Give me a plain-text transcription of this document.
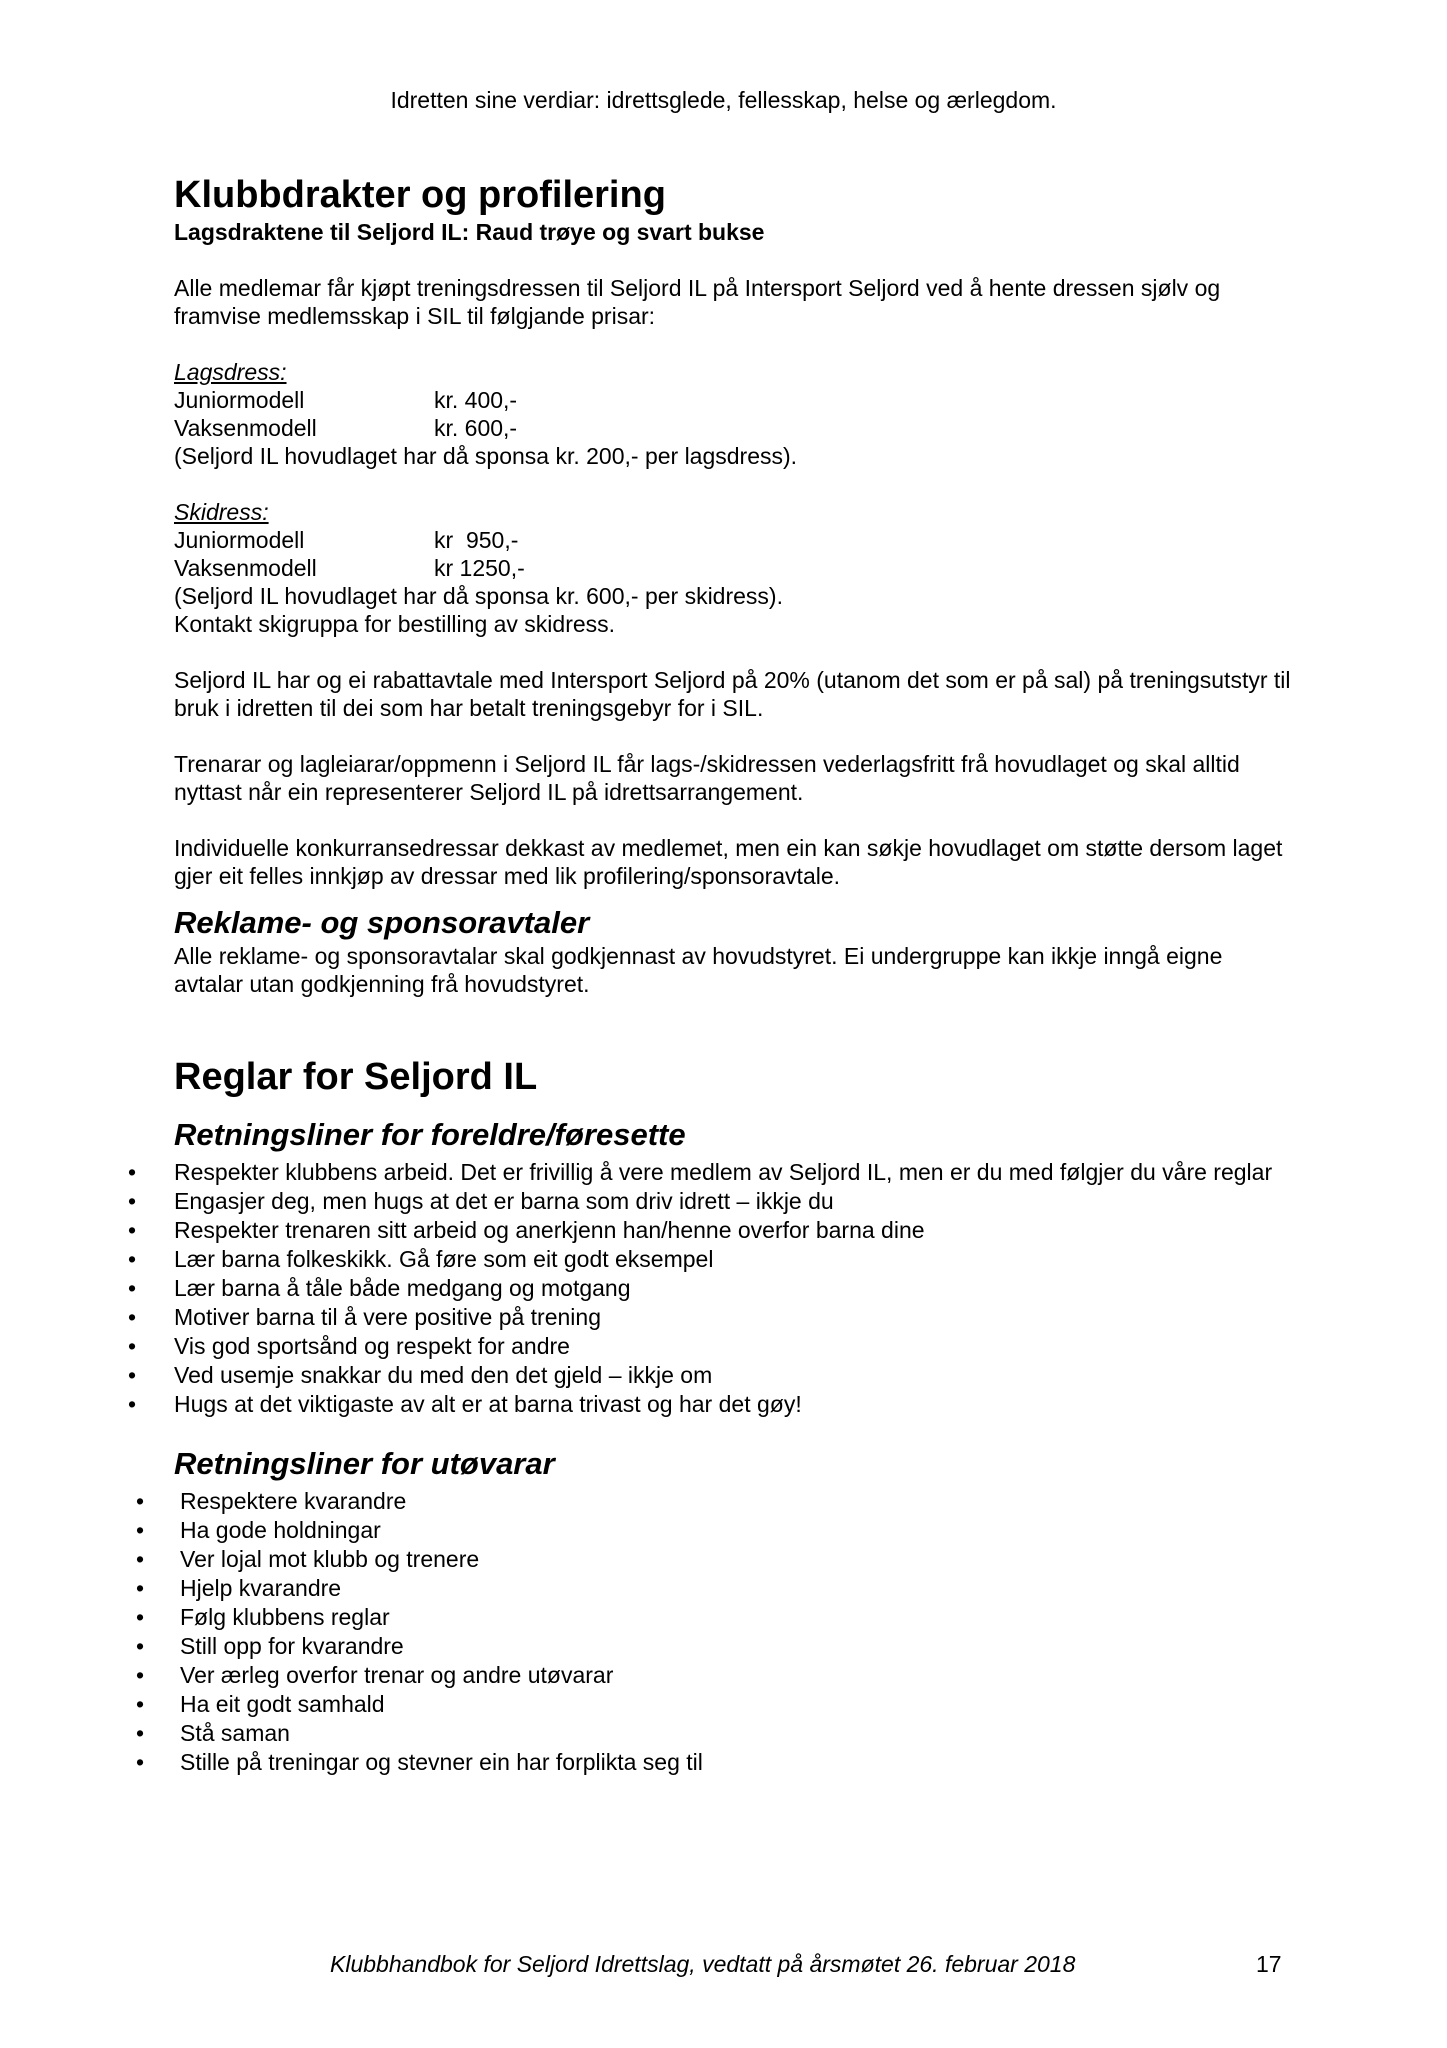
Idretten sine verdiar: idrettsglede, fellesskap, helse og ærlegdom.
Klubbdrakter og profilering
Lagsdraktene til Seljord IL: Raud trøye og svart bukse

Alle medlemar får kjøpt treningsdressen til Seljord IL på Intersport Seljord ved å hente dressen sjølv og framvise medlemsskap i SIL til følgjande prisar:

Lagsdress:
Juniormodell	kr. 400,-
Vaksenmodell	kr. 600,-
(Seljord IL hovudlaget har då sponsa kr. 200,- per lagsdress).
Skidress:
Juniormodell	kr  950,-
Vaksenmodell	kr 1250,-
(Seljord IL hovudlaget har då sponsa kr. 600,- per skidress).
Kontakt skigruppa for bestilling av skidress.

Seljord IL har og ei rabattavtale med Intersport Seljord på 20% (utanom det som er på sal) på treningsutstyr til bruk i idretten til dei som har betalt treningsgebyr for i SIL.

Trenarar og lagleiarar/oppmenn i Seljord IL får lags-/skidressen vederlagsfritt frå hovudlaget og skal alltid nyttast når ein representerer Seljord IL på idrettsarrangement.

Individuelle konkurransedressar dekkast av medlemet, men ein kan søkje hovudlaget om støtte dersom laget gjer eit felles innkjøp av dressar med lik profilering/sponsoravtale.

Reklame- og sponsoravtaler

Alle reklame- og sponsoravtalar skal godkjennast av hovudstyret. Ei undergruppe kan ikkje inngå eigne avtalar utan godkjenning frå hovudstyret.

Reglar for Seljord IL
Retningsliner for foreldre/føresette
• Respekter klubbens arbeid. Det er frivillig å vere medlem av Seljord IL, men er du med følgjer du våre reglar
• Engasjer deg, men hugs at det er barna som driv idrett – ikkje du
• Respekter trenaren sitt arbeid og anerkjenn han/henne overfor barna dine
• Lær barna folkeskikk. Gå føre som eit godt eksempel
• Lær barna å tåle både medgang og motgang
• Motiver barna til å vere positive på trening
• Vis god sportsånd og respekt for andre
• Ved usemje snakkar du med den det gjeld – ikkje om
• Hugs at det viktigaste av alt er at barna trivast og har det gøy!
Retningsliner for utøvarar
• Respektere kvarandre
• Ha gode holdningar
• Ver lojal mot klubb og trenere
• Hjelp kvarandre
• Følg klubbens reglar
• Still opp for kvarandre
• Ver ærleg overfor trenar og andre utøvarar
• Ha eit godt samhald
• Stå saman
• Stille på treningar og stevner ein har forplikta seg til
Klubbhandbok for Seljord Idrettslag, vedtatt på årsmøtet 26. februar 2018	17
